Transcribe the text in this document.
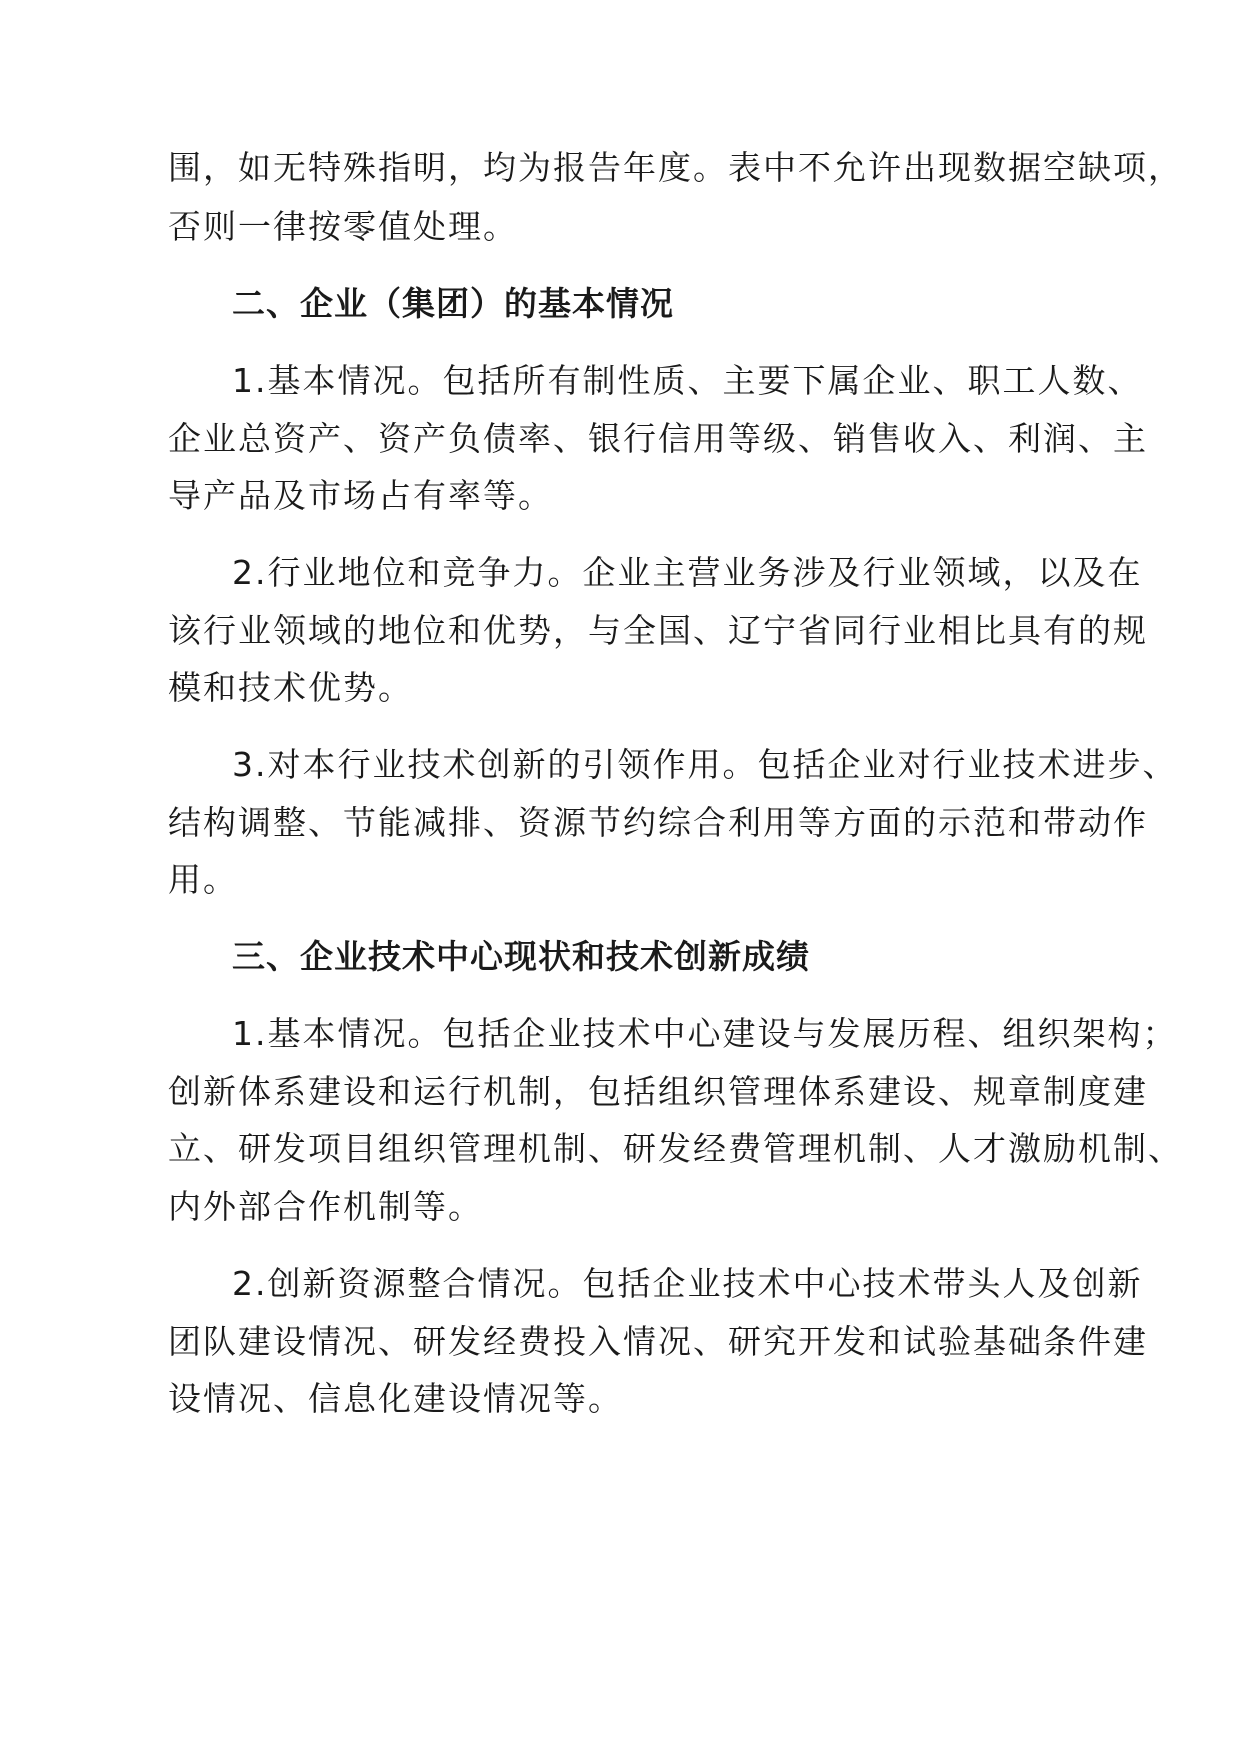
围，如无特殊指明，均为报告年度。表中不允许出现数据空缺项，
否则一律按零值处理。
二、企业（集团）的基本情况
1.基本情况。包括所有制性质、主要下属企业、职工人数、
企业总资产、资产负债率、银行信用等级、销售收入、利润、主
导产品及市场占有率等。
2.行业地位和竞争力。企业主营业务涉及行业领域，以及在
该行业领域的地位和优势，与全国、辽宁省同行业相比具有的规
模和技术优势。
3.对本行业技术创新的引领作用。包括企业对行业技术进步、
结构调整、节能减排、资源节约综合利用等方面的示范和带动作
用。
三、企业技术中心现状和技术创新成绩
1.基本情况。包括企业技术中心建设与发展历程、组织架构；
创新体系建设和运行机制，包括组织管理体系建设、规章制度建
立、研发项目组织管理机制、研发经费管理机制、人才激励机制、
内外部合作机制等。
2.创新资源整合情况。包括企业技术中心技术带头人及创新
团队建设情况、研发经费投入情况、研究开发和试验基础条件建
设情况、信息化建设情况等。
